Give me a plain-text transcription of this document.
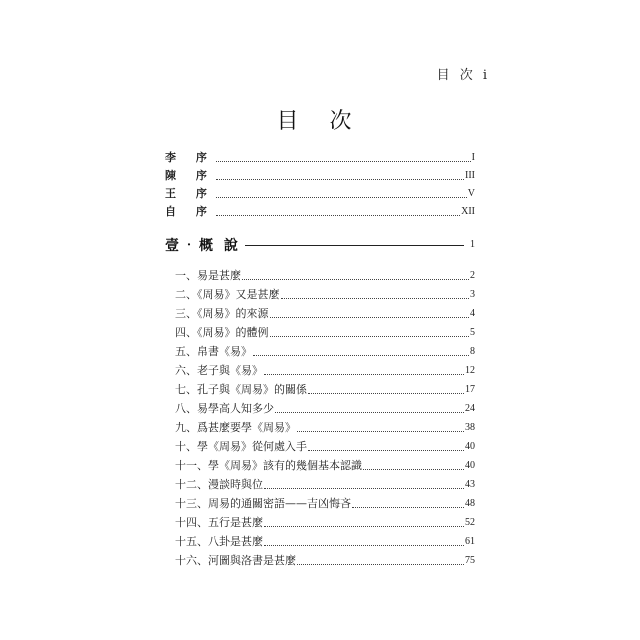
目 次 i
目 次
李 序	I
陳 序	III
王 序	V
自 序	XII
壹‧概 說	1
一、易是甚麼	2
二、《周易》又是甚麼	3
三、《周易》的來源	4
四、《周易》的體例	5
五、帛書《易》	8
六、老子與《易》	12
七、孔子與《周易》的關係	17
八、易學高人知多少	24
九、爲甚麼要學《周易》	38
十、學《周易》從何處入手	40
十一、學《周易》該有的幾個基本認識	40
十二、漫談時與位	43
十三、周易的通關密語——吉凶悔吝	48
十四、五行是甚麼	52
十五、八卦是甚麼	61
十六、河圖與洛書是甚麼	75
